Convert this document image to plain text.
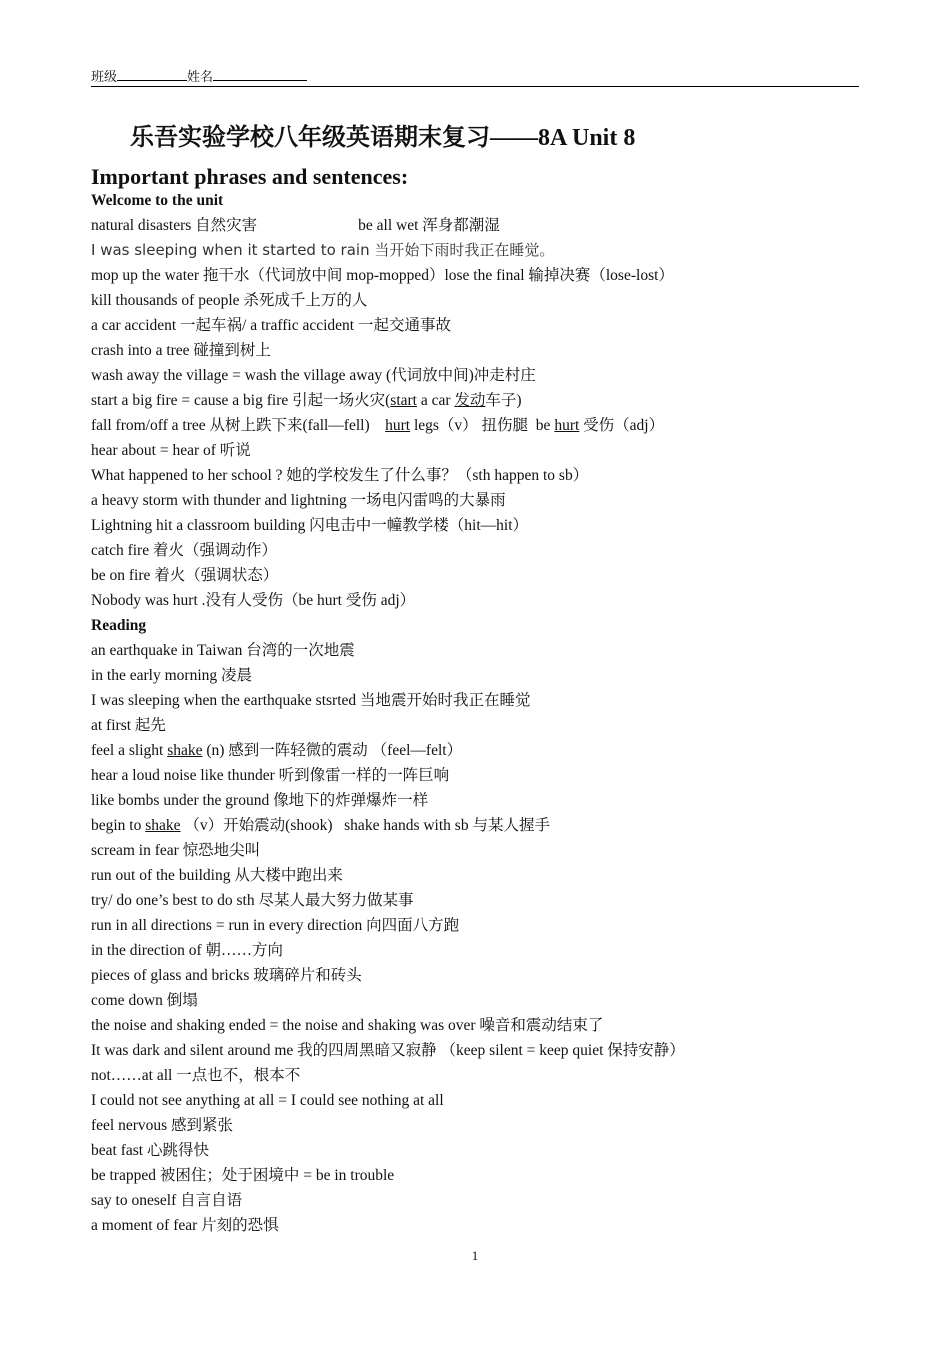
班级	姓名
乐吾实验学校八年级英语期末复习——8A Unit 8
Important phrases and sentences:
Welcome to the unit
natural disasters 自然灾害	be all wet 浑身都潮湿
I was sleeping when it started to rain 当开始下雨时我正在睡觉。
mop up the water 拖干水（代词放中间 mop-mopped）lose the final 输掉决赛（lose-lost）
kill thousands of people 杀死成千上万的人
a car accident 一起车祸/ a traffic accident 一起交通事故
crash into a tree 碰撞到树上
wash away the village = wash the village away (代词放中间)冲走村庄
start a big fire = cause a big fire 引起一场火灾(start a car 发动车子)
fall from/off a tree 从树上跌下来(fall—fell)    hurt legs（v） 扭伤腿  be hurt 受伤（adj）
hear about = hear of 听说
What happened to her school ? 她的学校发生了什么事？（sth happen to sb）
a heavy storm with thunder and lightning 一场电闪雷鸣的大暴雨
Lightning hit a classroom building 闪电击中一幢教学楼（hit—hit）
catch fire 着火（强调动作）
be on fire 着火（强调状态）
Nobody was hurt .没有人受伤（be hurt 受伤 adj）
Reading
an earthquake in Taiwan 台湾的一次地震
in the early morning 凌晨
I was sleeping when the earthquake stsrted 当地震开始时我正在睡觉
at first 起先
feel a slight shake (n) 感到一阵轻微的震动 （feel—felt）
hear a loud noise like thunder 听到像雷一样的一阵巨响
like bombs under the ground 像地下的炸弹爆炸一样
begin to shake （v）开始震动(shook)   shake hands with sb 与某人握手
scream in fear 惊恐地尖叫
run out of the building 从大楼中跑出来
try/ do one’s best to do sth 尽某人最大努力做某事
run in all directions = run in every direction 向四面八方跑
in the direction of 朝……方向
pieces of glass and bricks 玻璃碎片和砖头
come down 倒塌
the noise and shaking ended = the noise and shaking was over 噪音和震动结束了
It was dark and silent around me 我的四周黑暗又寂静 （keep silent = keep quiet 保持安静）
not……at all 一点也不，根本不
I could not see anything at all = I could see nothing at all
feel nervous 感到紧张
beat fast 心跳得快
be trapped 被困住；处于困境中 = be in trouble
say to oneself 自言自语
a moment of fear 片刻的恐惧
1
